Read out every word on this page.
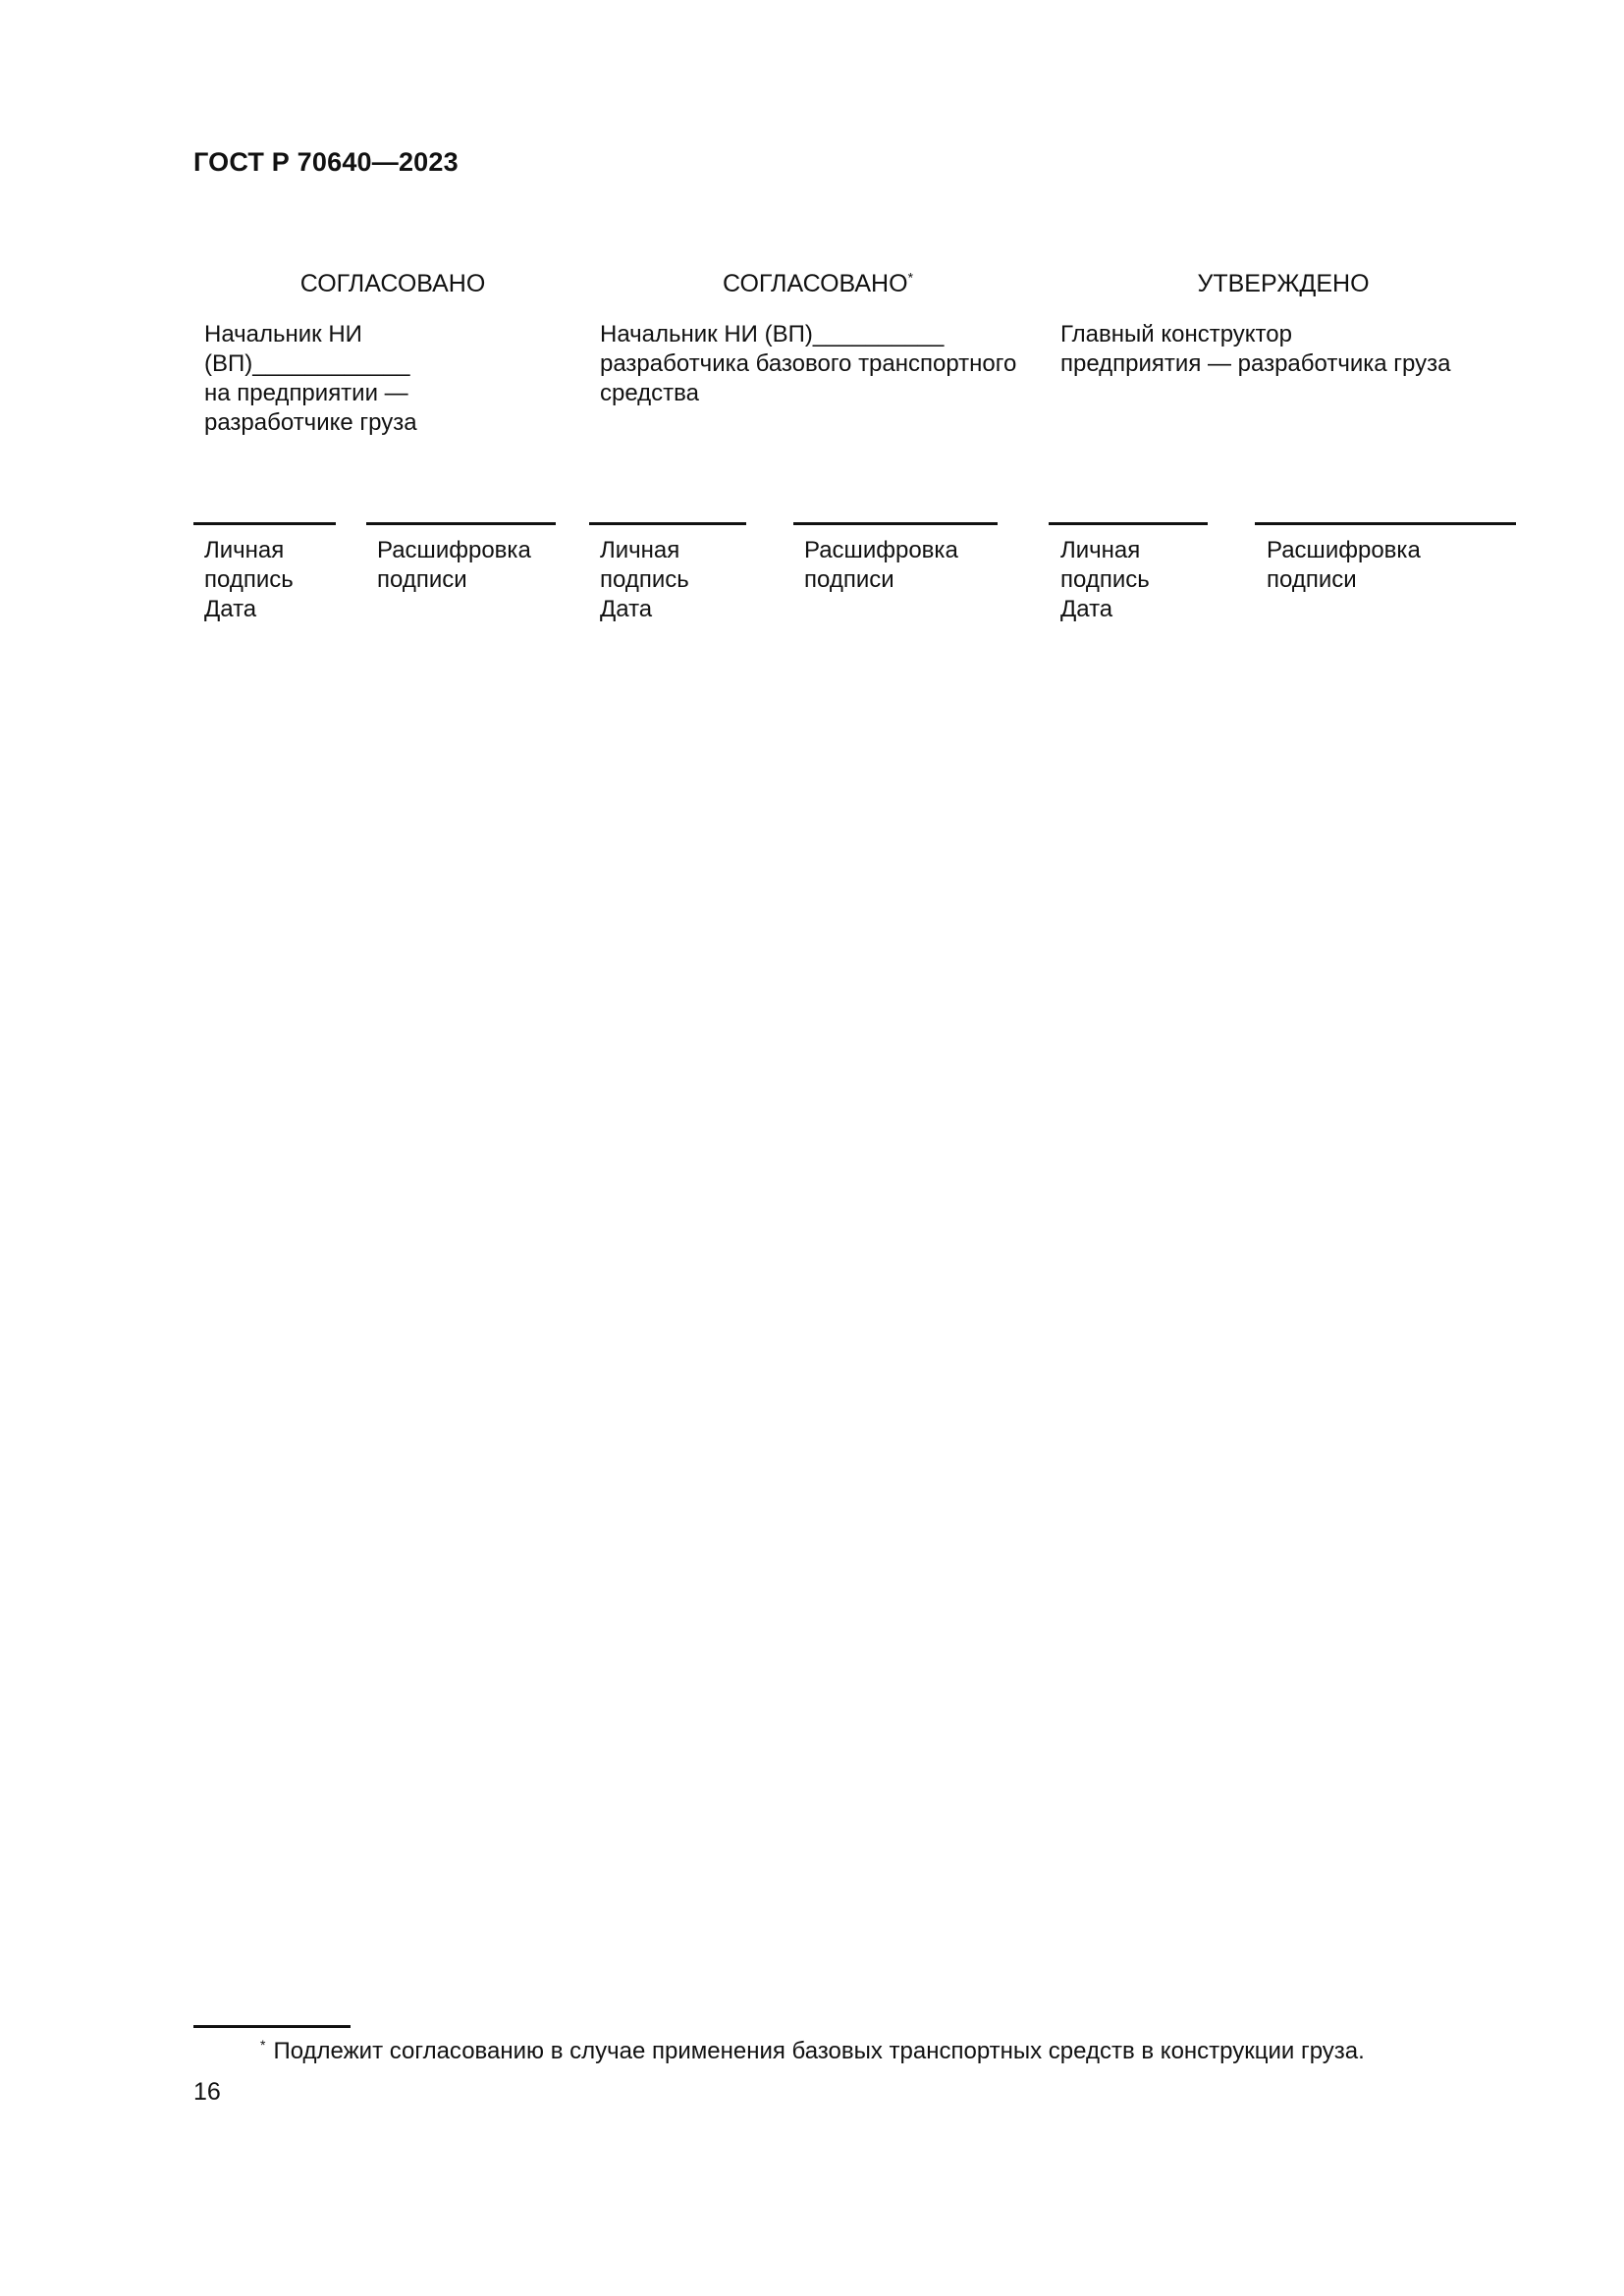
ГОСТ Р 70640—2023
СОГЛАСОВАНО
Начальник НИ
(ВП)____________
на предприятии —
разработчике груза
Личная
подпись
Дата
Расшифровка
подписи
СОГЛАСОВАНО*
Начальник НИ (ВП)__________
разработчика базового транспортного
средства
Личная
подпись
Дата
Расшифровка
подписи
УТВЕРЖДЕНО
Главный конструктор
предприятия — разработчика груза
Личная
подпись
Дата
Расшифровка
подписи
* Подлежит согласованию в случае применения базовых транспортных средств в конструкции груза.
16
